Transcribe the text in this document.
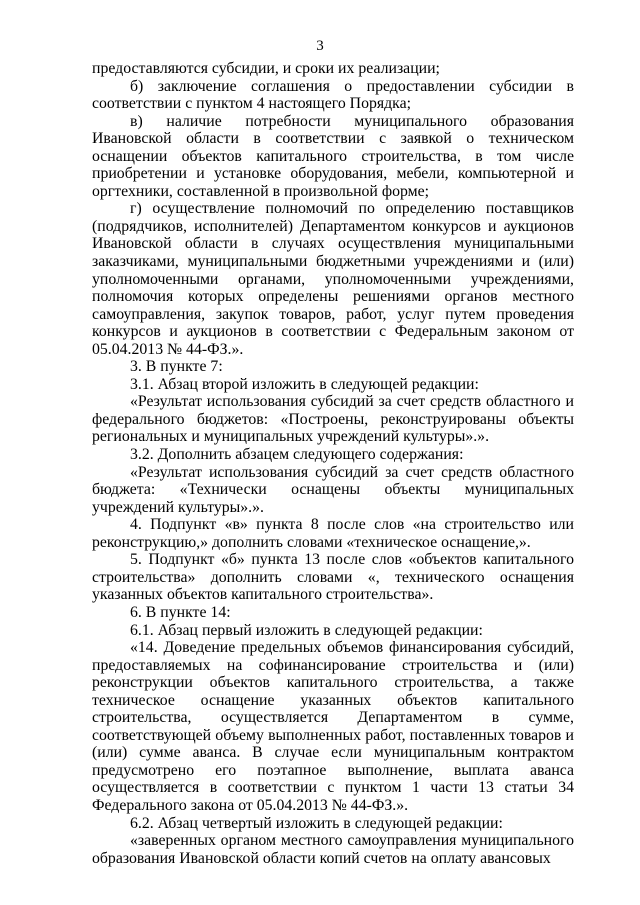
3

предоставляются субсидии, и сроки их реализации;

б) заключение соглашения о предоставлении субсидии в соответствии с пунктом 4 настоящего Порядка;

в) наличие потребности муниципального образования Ивановской области в соответствии с заявкой о техническом оснащении объектов капитального строительства, в том числе приобретении и установке оборудования, мебели, компьютерной и оргтехники, составленной в произвольной форме;

г) осуществление полномочий по определению поставщиков (подрядчиков, исполнителей) Департаментом конкурсов и аукционов Ивановской области в случаях осуществления муниципальными заказчиками, муниципальными бюджетными учреждениями и (или) уполномоченными органами, уполномоченными учреждениями, полномочия которых определены решениями органов местного самоуправления, закупок товаров, работ, услуг путем проведения конкурсов и аукционов в соответствии с Федеральным законом от 05.04.2013 № 44-ФЗ.».

3. В пункте 7:

3.1. Абзац второй изложить в следующей редакции:

«Результат использования субсидий за счет средств областного и федерального бюджетов: «Построены, реконструированы объекты региональных и муниципальных учреждений культуры».».

3.2. Дополнить абзацем следующего содержания:

«Результат использования субсидий за счет средств областного бюджета: «Технически оснащены объекты муниципальных учреждений культуры».».

4. Подпункт «в» пункта 8 после слов «на строительство или реконструкцию,» дополнить словами «техническое оснащение,».

5. Подпункт «б» пункта 13 после слов «объектов капитального строительства» дополнить словами «, технического оснащения указанных объектов капитального строительства».

6. В пункте 14:

6.1. Абзац первый изложить в следующей редакции:

«14. Доведение предельных объемов финансирования субсидий, предоставляемых на софинансирование строительства и (или) реконструкции объектов капитального строительства, а также техническое оснащение указанных объектов капитального строительства, осуществляется Департаментом в сумме, соответствующей объему выполненных работ, поставленных товаров и (или) сумме аванса. В случае если муниципальным контрактом предусмотрено его поэтапное выполнение, выплата аванса осуществляется в соответствии с пунктом 1 части 13 статьи 34 Федерального закона от 05.04.2013 № 44-ФЗ.».

6.2. Абзац четвертый изложить в следующей редакции:

«заверенных органом местного самоуправления муниципального образования Ивановской области копий счетов на оплату авансовых
